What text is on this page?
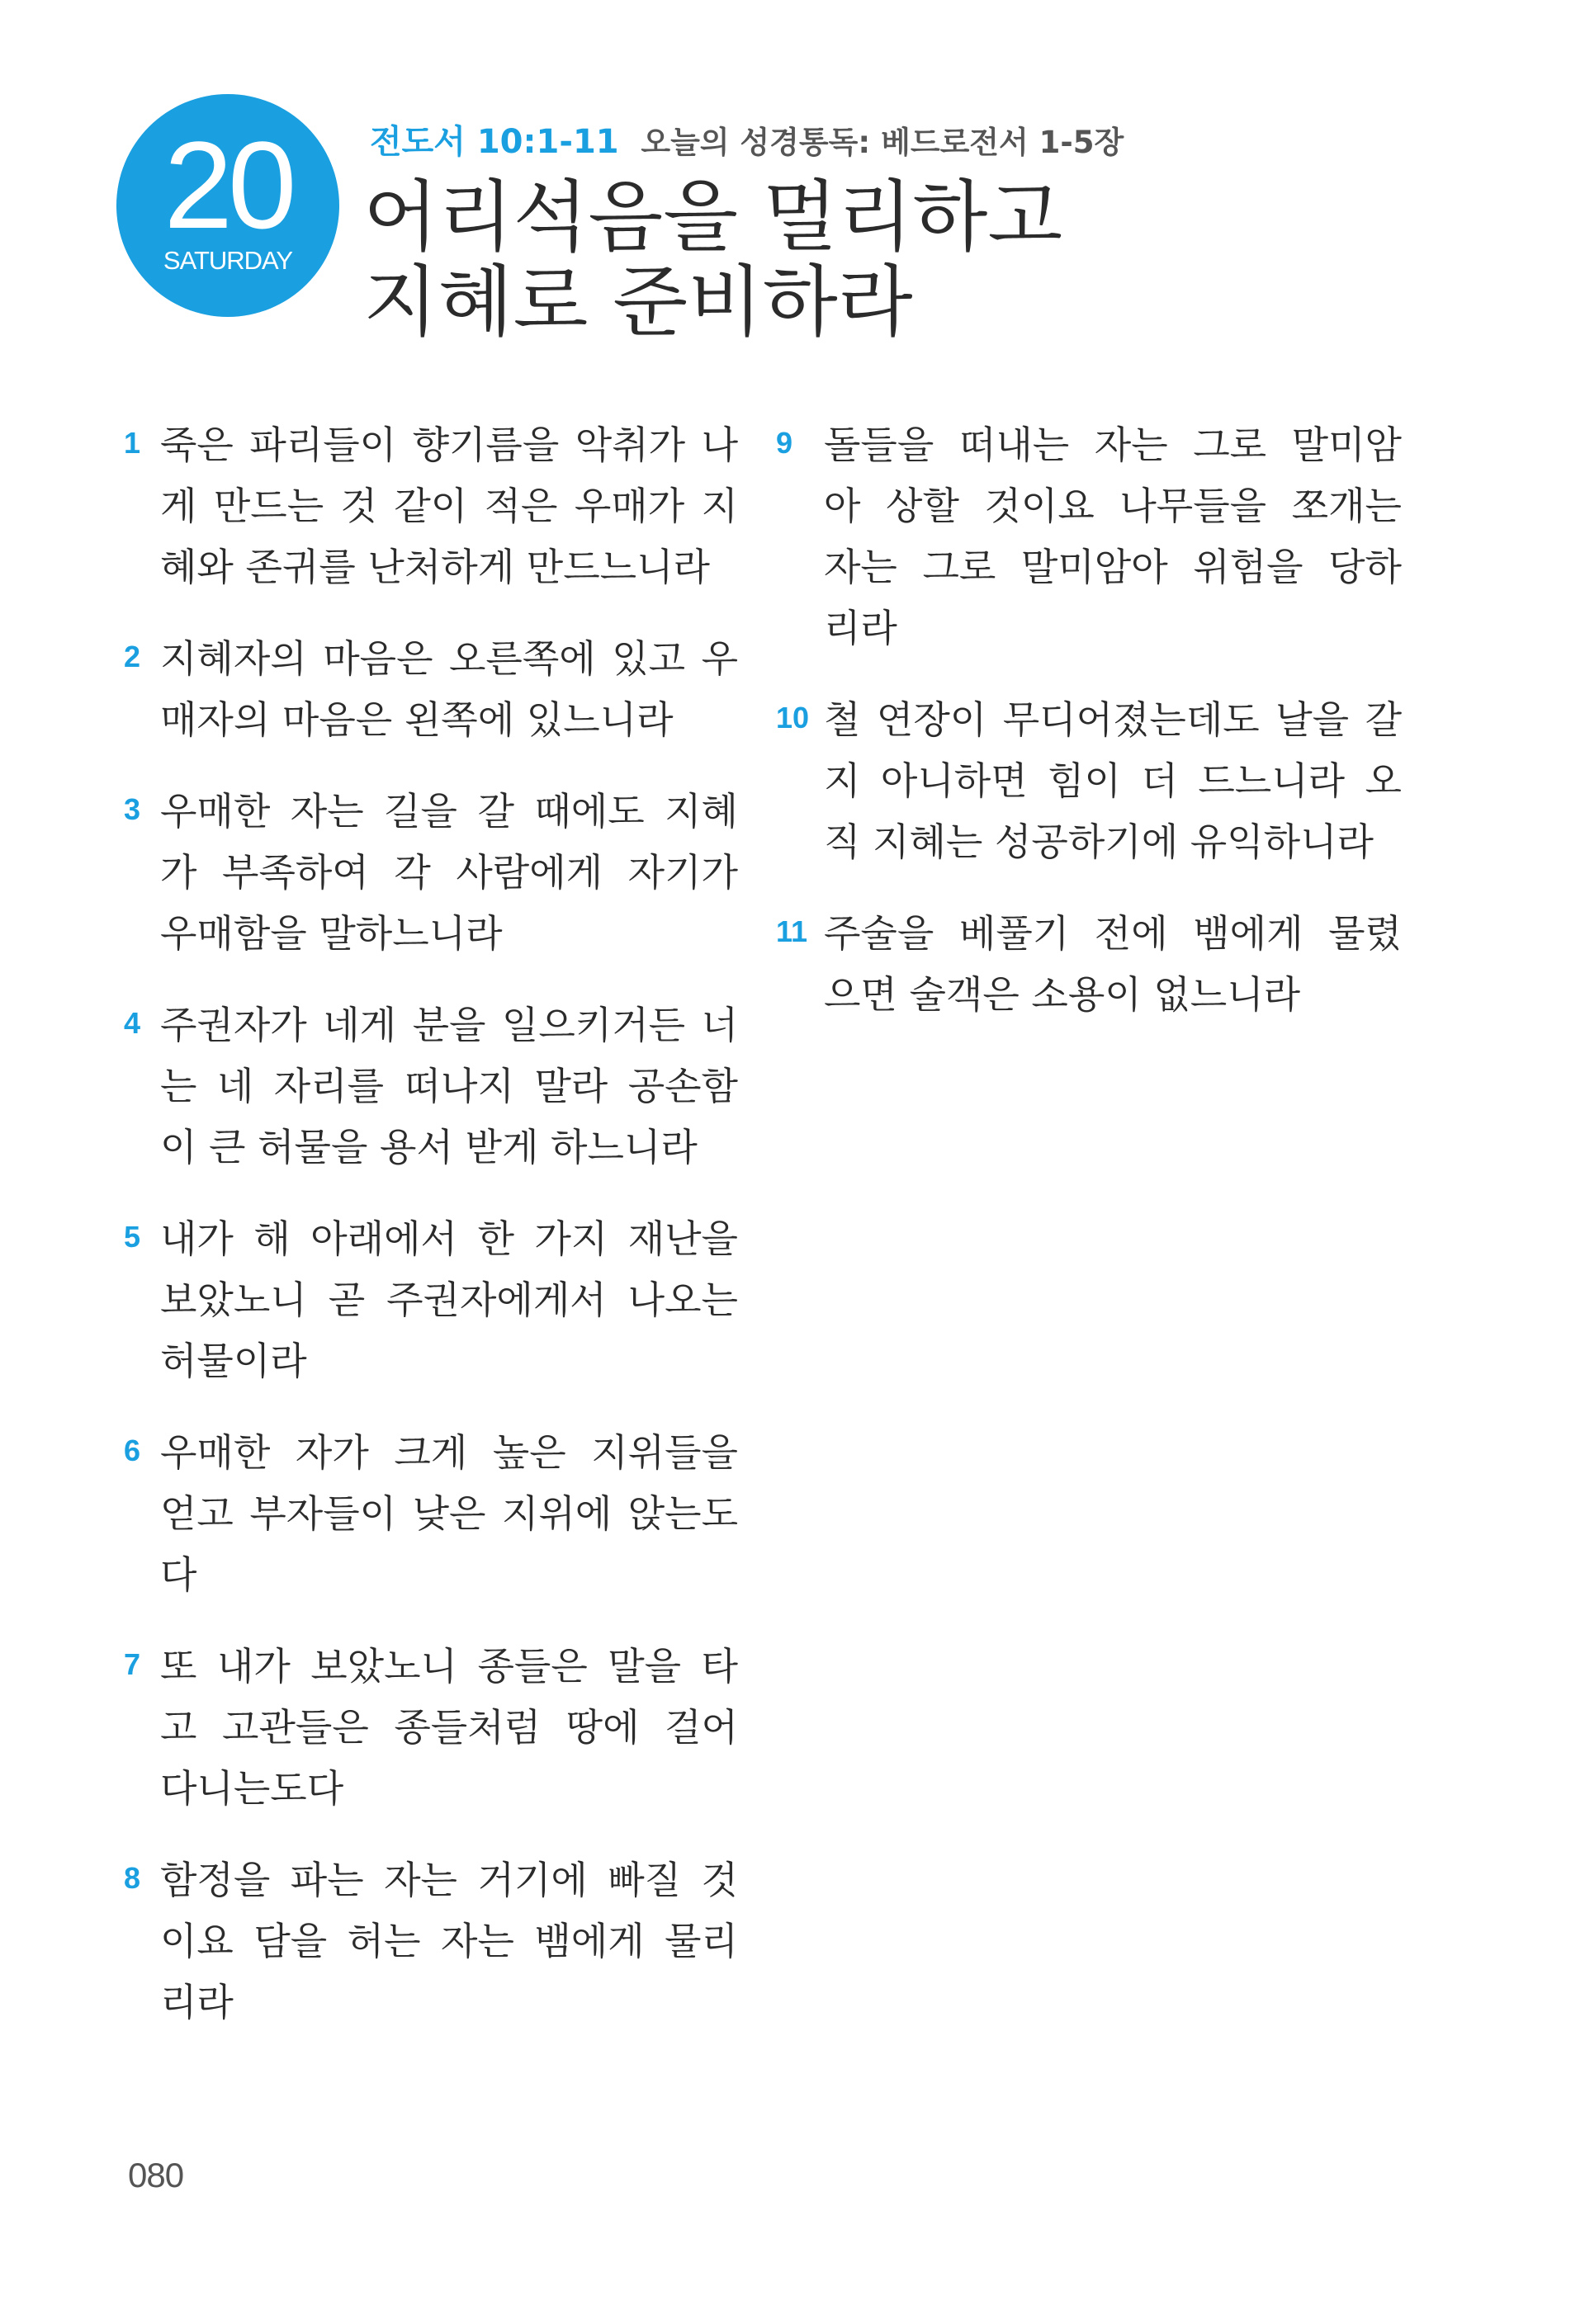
20
SATURDAY
전도서 10:1-11 오늘의 성경통독: 베드로전서 1-5장
어리석음을 멀리하고
지혜로 준비하라
1 죽은 파리들이 향기름을 악취가 나
게 만드는 것 같이 적은 우매가 지
혜와 존귀를 난처하게 만드느니라
2 지혜자의 마음은 오른쪽에 있고 우
매자의 마음은 왼쪽에 있느니라
3 우매한 자는 길을 갈 때에도 지혜
가 부족하여 각 사람에게 자기가
우매함을 말하느니라
4 주권자가 네게 분을 일으키거든 너
는 네 자리를 떠나지 말라 공손함
이 큰 허물을 용서 받게 하느니라
5 내가 해 아래에서 한 가지 재난을
보았노니 곧 주권자에게서 나오는
허물이라
6 우매한 자가 크게 높은 지위들을
얻고 부자들이 낮은 지위에 앉는도
다
7 또 내가 보았노니 종들은 말을 타
고 고관들은 종들처럼 땅에 걸어
다니는도다
8 함정을 파는 자는 거기에 빠질 것
이요 담을 허는 자는 뱀에게 물리
리라
9 돌들을 떠내는 자는 그로 말미암
아 상할 것이요 나무들을 쪼개는
자는 그로 말미암아 위험을 당하
리라
10 철 연장이 무디어졌는데도 날을 갈
지 아니하면 힘이 더 드느니라 오
직 지혜는 성공하기에 유익하니라
11 주술을 베풀기 전에 뱀에게 물렸
으면 술객은 소용이 없느니라
080
